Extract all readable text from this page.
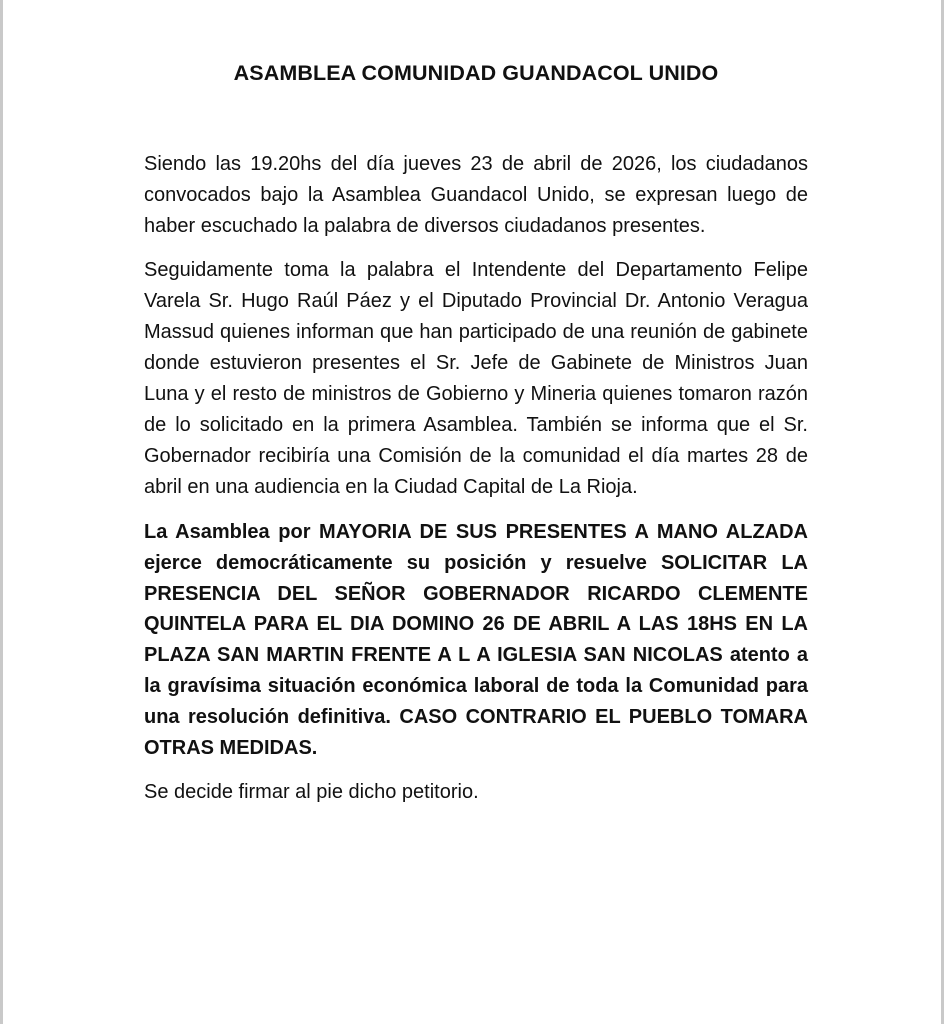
ASAMBLEA COMUNIDAD GUANDACOL UNIDO

Siendo las 19.20hs del día jueves 23 de abril de 2026, los ciudadanos convocados bajo la Asamblea Guandacol Unido, se expresan luego de haber escuchado la palabra de diversos ciudadanos presentes.

Seguidamente toma la palabra el Intendente del Departamento Felipe Varela Sr. Hugo Raúl Páez y el Diputado Provincial Dr. Antonio Veragua Massud quienes informan que han participado de una reunión de gabinete donde estuvieron presentes el Sr. Jefe de Gabinete de Ministros Juan Luna y el resto de ministros de Gobierno y Mineria quienes tomaron razón de lo solicitado en la primera Asamblea. También se informa que el Sr. Gobernador recibiría una Comisión de la comunidad el día martes 28 de abril en una audiencia en la Ciudad Capital de La Rioja.

La Asamblea por MAYORIA DE SUS PRESENTES A MANO ALZADA ejerce democráticamente su posición y resuelve SOLICITAR LA PRESENCIA DEL SEÑOR GOBERNADOR RICARDO CLEMENTE QUINTELA PARA EL DIA DOMINO 26 DE ABRIL A LAS 18HS EN LA PLAZA SAN MARTIN FRENTE A L A IGLESIA SAN NICOLAS atento a la gravísima situación económica laboral de toda la Comunidad para una resolución definitiva. CASO CONTRARIO EL PUEBLO TOMARA OTRAS MEDIDAS.

Se decide firmar al pie dicho petitorio.
